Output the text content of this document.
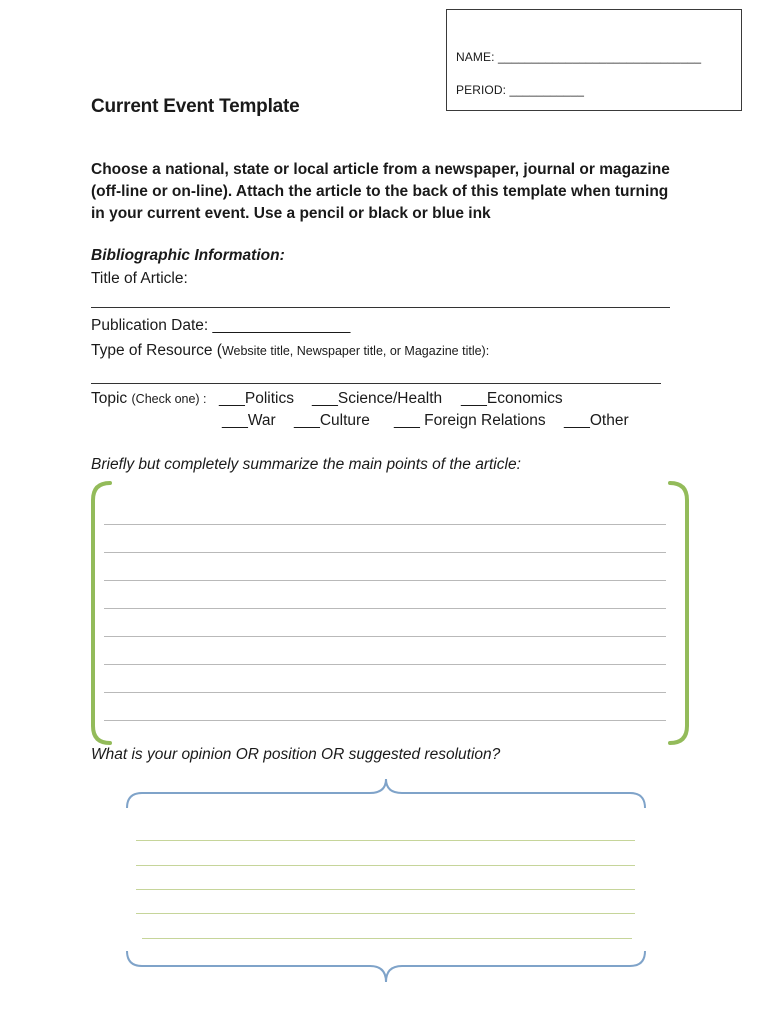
NAME: ______________________________
PERIOD: ___________
Current Event Template
Choose a national, state or local article from a newspaper, journal or magazine
(off-line or on-line). Attach the article to the back of this template when turning
in your current event. Use a pencil or black or blue ink
Bibliographic Information:
Title of Article:
Publication Date: ________________
Type of Resource (Website title, Newspaper title, or Magazine title):
Topic (Check one) : ___Politics ___Science/Health ___Economics
___War ___Culture ___ Foreign Relations ___Other
Briefly but completely summarize the main points of the article:
What is your opinion OR position OR suggested resolution?
